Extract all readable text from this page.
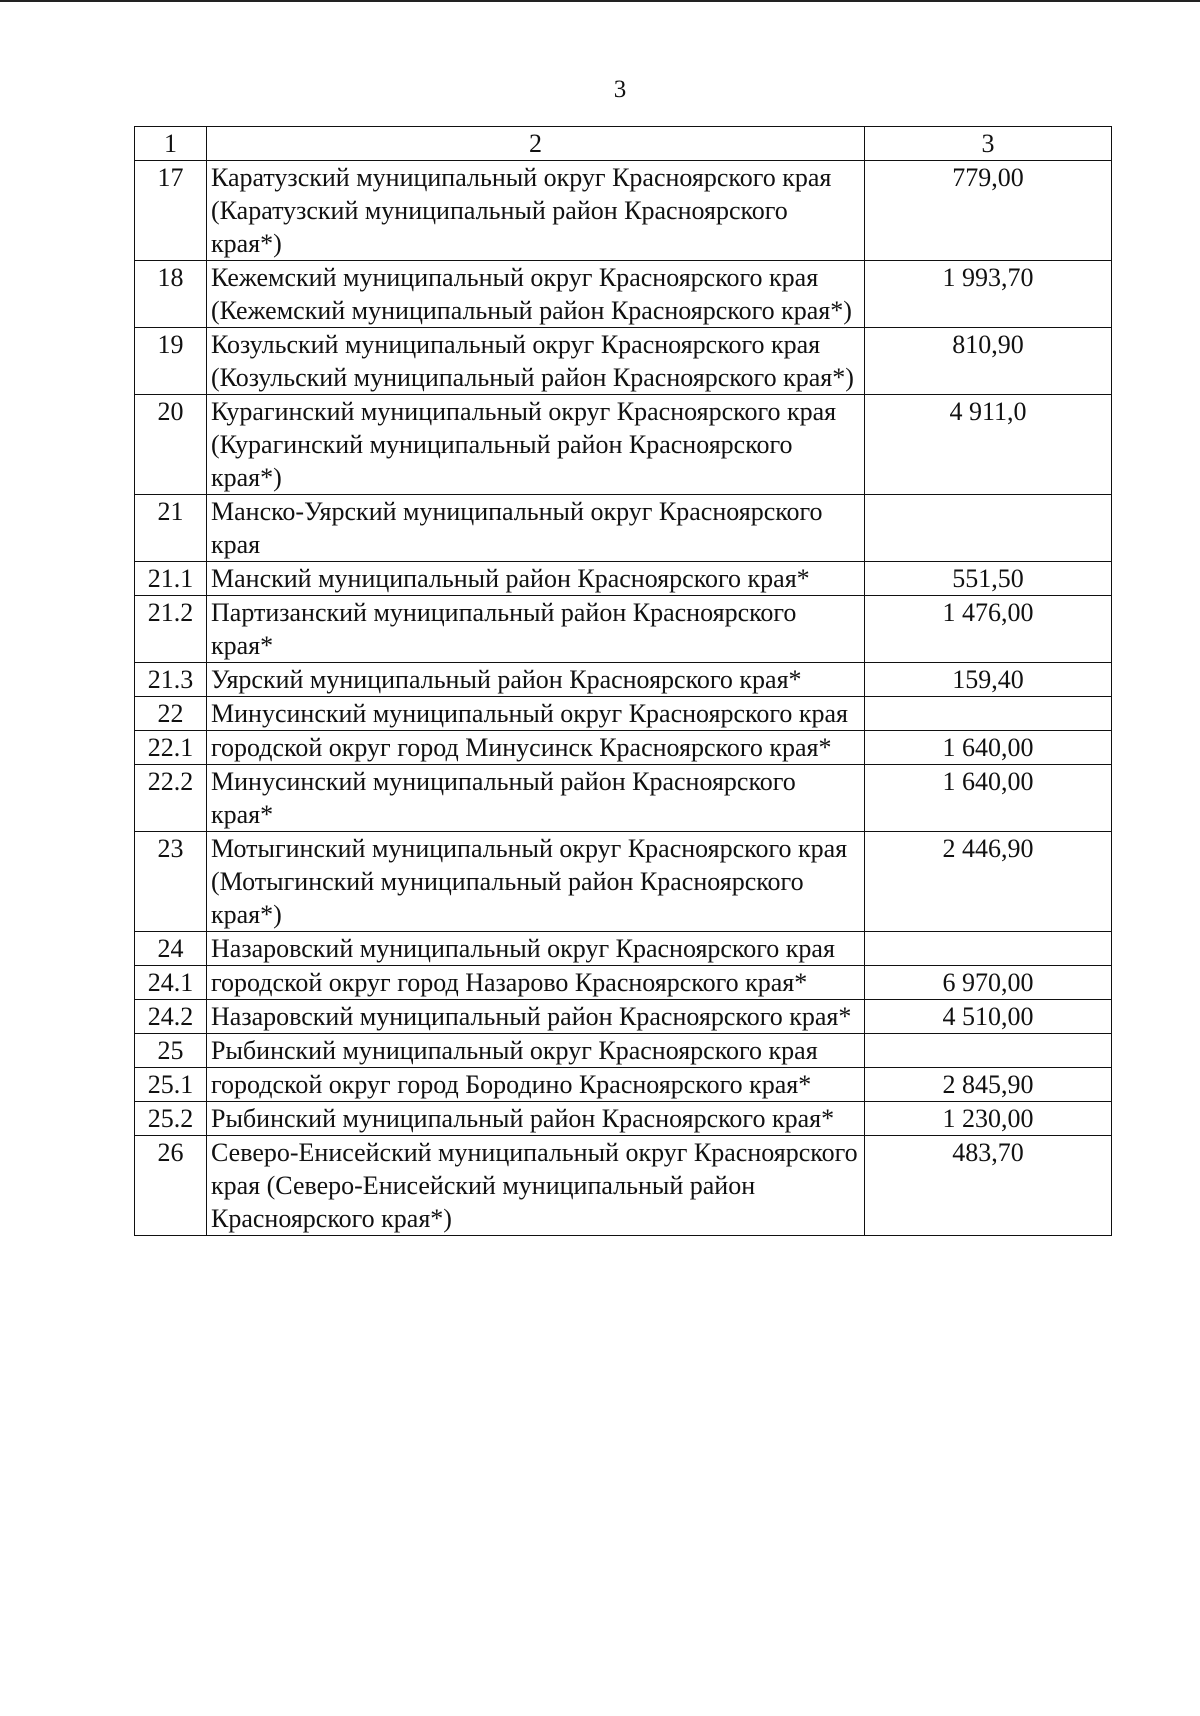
3
1	2	3
17	Каратузский муниципальный округ Красноярского края (Каратузский муниципальный район Красноярского края*)	779,00
18	Кежемский муниципальный округ Красноярского края (Кежемский муниципальный район Красноярского края*)	1 993,70
19	Козульский муниципальный округ Красноярского края (Козульский муниципальный район Красноярского края*)	810,90
20	Курагинский муниципальный округ Красноярского края (Курагинский муниципальный район Красноярского края*)	4 911,0
21	Манско-Уярский муниципальный округ Красноярского края	
21.1	Манский муниципальный район Красноярского края*	551,50
21.2	Партизанский муниципальный район Красноярского края*	1 476,00
21.3	Уярский муниципальный район Красноярского края*	159,40
22	Минусинский муниципальный округ Красноярского края	
22.1	городской округ город Минусинск Красноярского края*	1 640,00
22.2	Минусинский муниципальный район Красноярского края*	1 640,00
23	Мотыгинский муниципальный округ Красноярского края (Мотыгинский муниципальный район Красноярского края*)	2 446,90
24	Назаровский муниципальный округ Красноярского края	
24.1	городской округ город Назарово Красноярского края*	6 970,00
24.2	Назаровский муниципальный район Красноярского края*	4 510,00
25	Рыбинский муниципальный округ Красноярского края	
25.1	городской округ город Бородино Красноярского края*	2 845,90
25.2	Рыбинский муниципальный район Красноярского края*	1 230,00
26	Северо-Енисейский муниципальный округ Красноярского края (Северо-Енисейский муниципальный район Красноярского края*)	483,70
